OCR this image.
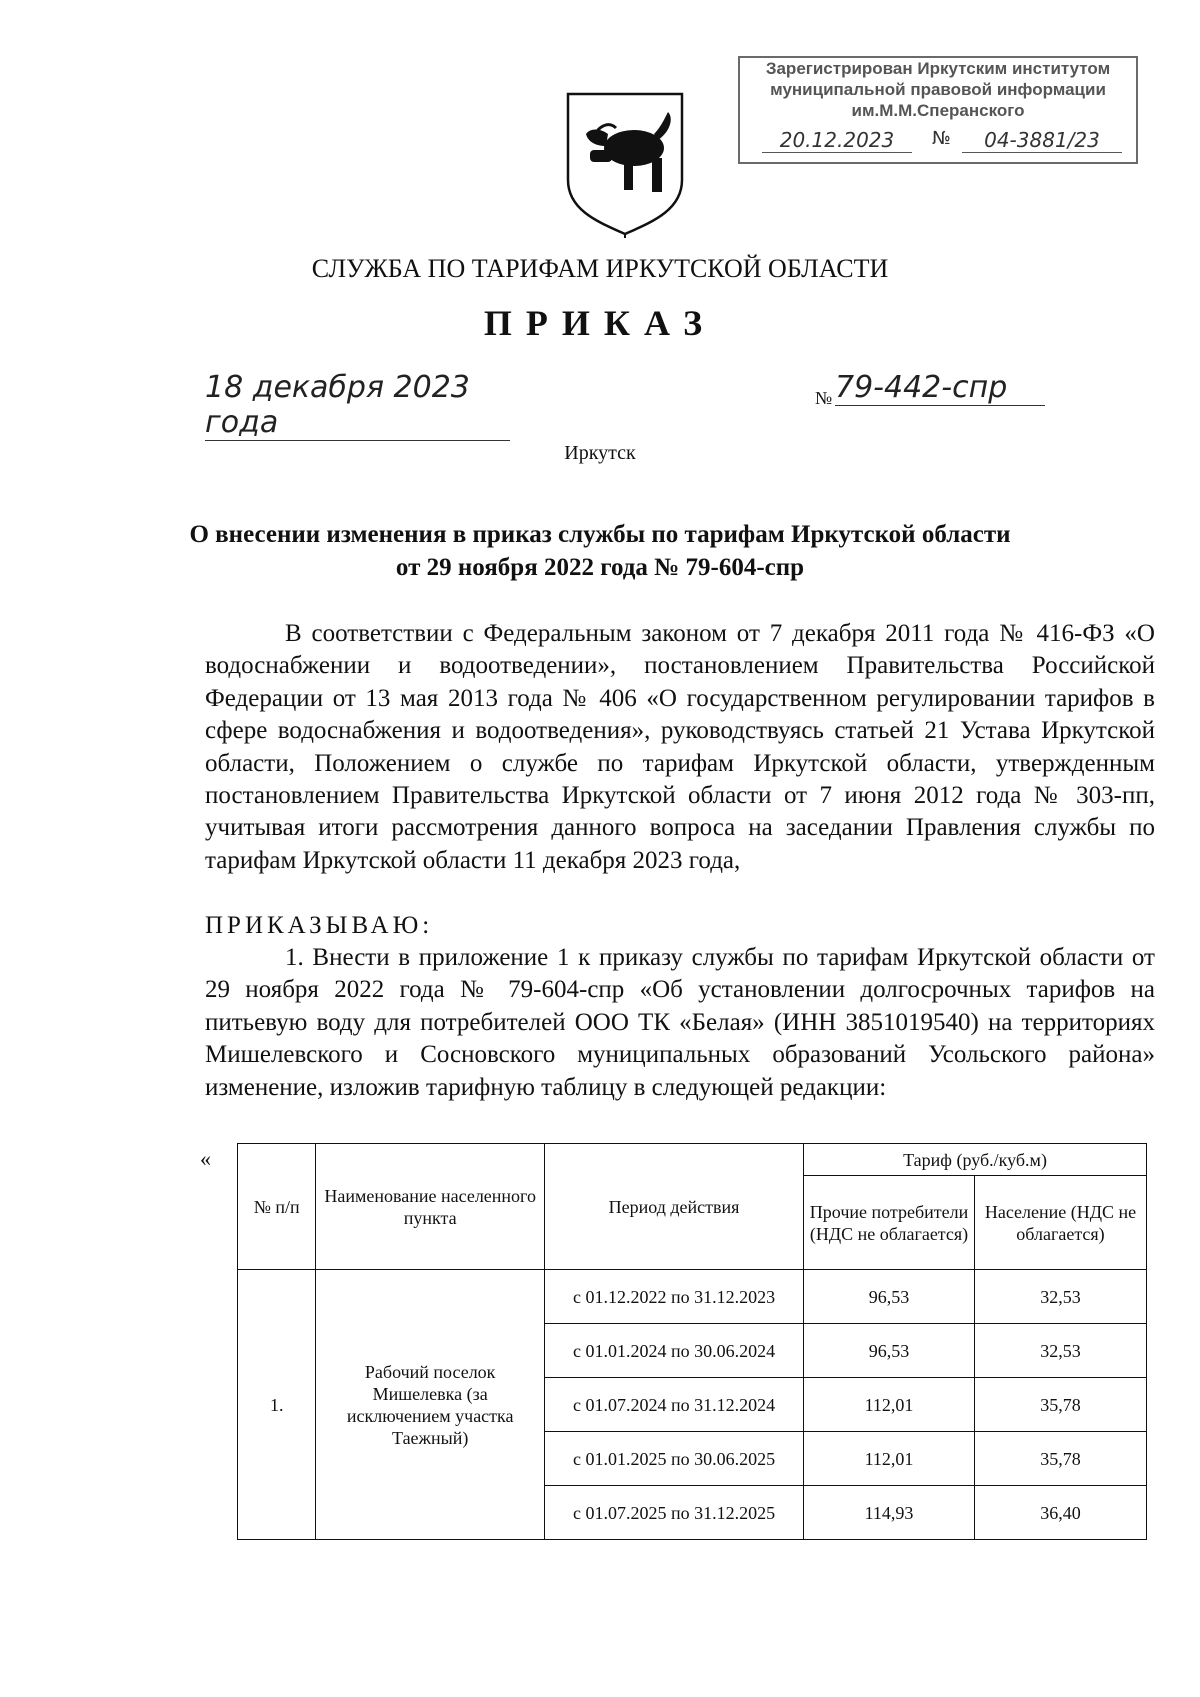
Зарегистрирован Иркутским институтом
муниципальной правовой информации
им.М.М.Сперанского
20.12.2023	№	04-3881/23
СЛУЖБА ПО ТАРИФАМ ИРКУТСКОЙ ОБЛАСТИ
ПРИКАЗ
18 декабря 2023 года
№ 79-442-спр
Иркутск
О внесении изменения в приказ службы по тарифам Иркутской области
от 29 ноября 2022 года № 79-604-спр
В соответствии с Федеральным законом от 7 декабря 2011 года № 416-ФЗ «О водоснабжении и водоотведении», постановлением Правительства Российской Федерации от 13 мая 2013 года № 406 «О государственном регулировании тарифов в сфере водоснабжения и водоотведения», руководствуясь статьей 21 Устава Иркутской области, Положением о службе по тарифам Иркутской области, утвержденным постановлением Правительства Иркутской области от 7 июня 2012 года № 303-пп, учитывая итоги рассмотрения данного вопроса на заседании Правления службы по тарифам Иркутской области 11 декабря 2023 года,
ПРИКАЗЫВАЮ:
1. Внести в приложение 1 к приказу службы по тарифам Иркутской области от 29 ноября 2022 года № 79-604-спр «Об установлении долгосрочных тарифов на питьевую воду для потребителей ООО ТК «Белая» (ИНН 3851019540) на территориях Мишелевского и Сосновского муниципальных образований Усольского района» изменение, изложив тарифную таблицу в следующей редакции:
«
№ п/п	Наименование населенного пункта	Период действия	Тариф (руб./куб.м)	
			Прочие потребители (НДС не облагается)	Население (НДС не облагается)
1.	Рабочий поселок Мишелевка (за исключением участка Таежный)	с 01.12.2022 по 31.12.2023	96,53	32,53
		с 01.01.2024 по 30.06.2024	96,53	32,53
		с 01.07.2024 по 31.12.2024	112,01	35,78
		с 01.01.2025 по 30.06.2025	112,01	35,78
		с 01.07.2025 по 31.12.2025	114,93	36,40
